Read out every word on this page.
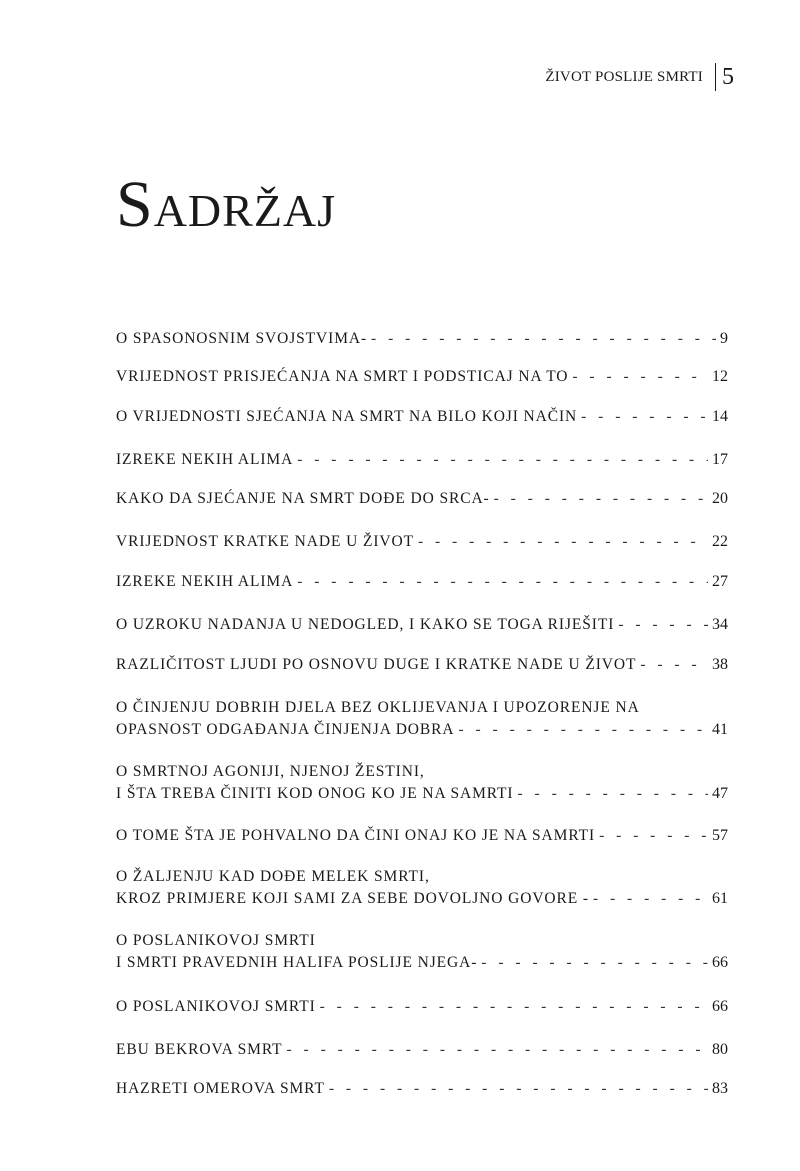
ŽIVOT POSLIJE SMRTI 5
Sadržaj
O SPASONOSNIM SVOJSTVIMA- - - -	9
VRIJEDNOST PRISJEĆANJA NA SMRT I PODSTICAJ NA TO - - -	12
O VRIJEDNOSTI SJEĆANJA NA SMRT NA BILO KOJI NAČIN - - -	14
IZREKE NEKIH ALIMA - - -	17
KAKO DA SJEĆANJE NA SMRT DOĐE DO SRCA- - - -	20
VRIJEDNOST KRATKE NADE U ŽIVOT - - -	22
IZREKE NEKIH ALIMA - - -	27
O UZROKU NADANJA U NEDOGLED, I KAKO SE TOGA RIJEŠITI - - -	34
RAZLIČITOST LJUDI PO OSNOVU DUGE I KRATKE NADE U ŽIVOT - - -	38
O ČINJENJU DOBRIH DJELA BEZ OKLIJEVANJA I UPOZORENJE NA
OPASNOST ODGAĐANJA ČINJENJA DOBRA - - -	41
O SMRTNOJ AGONIJI, NJENOJ ŽESTINI,
I ŠTA TREBA ČINITI KOD ONOG KO JE NA SAMRTI - - -	47
O TOME ŠTA JE POHVALNO DA ČINI ONAJ KO JE NA SAMRTI - - -	57
O ŽALJENJU KAD DOĐE MELEK SMRTI,
KROZ PRIMJERE KOJI SAMI ZA SEBE DOVOLJNO GOVORE - - - -	61
O POSLANIKOVOJ SMRTI
I SMRTI PRAVEDNIH HALIFA POSLIJE NJEGA- - - -	66
O POSLANIKOVOJ SMRTI - - -	66
EBU BEKROVA SMRT - - -	80
HAZRETI OMEROVA SMRT - - -	83
